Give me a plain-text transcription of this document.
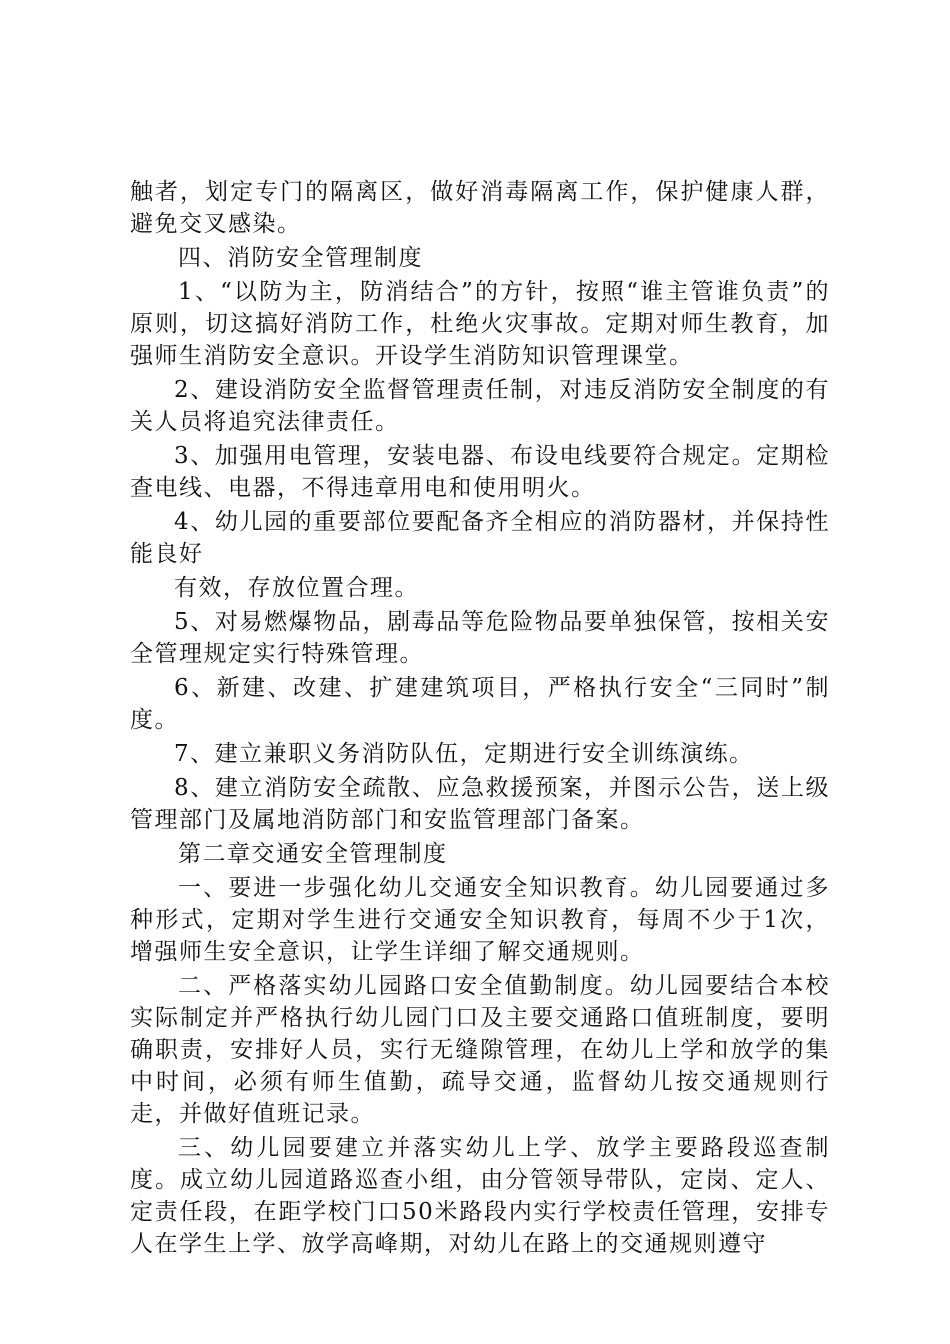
触者，划定专门的隔离区，做好消毒隔离工作，保护健康人群，避免交叉感染。

四、消防安全管理制度

1、“以防为主，防消结合”的方针，按照“谁主管谁负责”的原则，切这搞好消防工作，杜绝火灾事故。定期对师生教育，加强师生消防安全意识。开设学生消防知识管理课堂。

2、建设消防安全监督管理责任制，对违反消防安全制度的有关人员将追究法律责任。

3、加强用电管理，安装电器、布设电线要符合规定。定期检查电线、电器，不得违章用电和使用明火。

4、幼儿园的重要部位要配备齐全相应的消防器材，并保持性能良好

有效，存放位置合理。

5、对易燃爆物品，剧毒品等危险物品要单独保管，按相关安全管理规定实行特殊管理。

6、新建、改建、扩建建筑项目，严格执行安全“三同时”制度。

7、建立兼职义务消防队伍，定期进行安全训练演练。

8、建立消防安全疏散、应急救援预案，并图示公告，送上级管理部门及属地消防部门和安监管理部门备案。

第二章交通安全管理制度

一、要进一步强化幼儿交通安全知识教育。幼儿园要通过多种形式，定期对学生进行交通安全知识教育，每周不少于1次，增强师生安全意识，让学生详细了解交通规则。

二、严格落实幼儿园路口安全值勤制度。幼儿园要结合本校实际制定并严格执行幼儿园门口及主要交通路口值班制度，要明确职责，安排好人员，实行无缝隙管理，在幼儿上学和放学的集中时间，必须有师生值勤，疏导交通，监督幼儿按交通规则行走，并做好值班记录。

三、幼儿园要建立并落实幼儿上学、放学主要路段巡查制度。成立幼儿园道路巡查小组，由分管领导带队，定岗、定人、定责任段，在距学校门口50米路段内实行学校责任管理，安排专人在学生上学、放学高峰期，对幼儿在路上的交通规则遵守
